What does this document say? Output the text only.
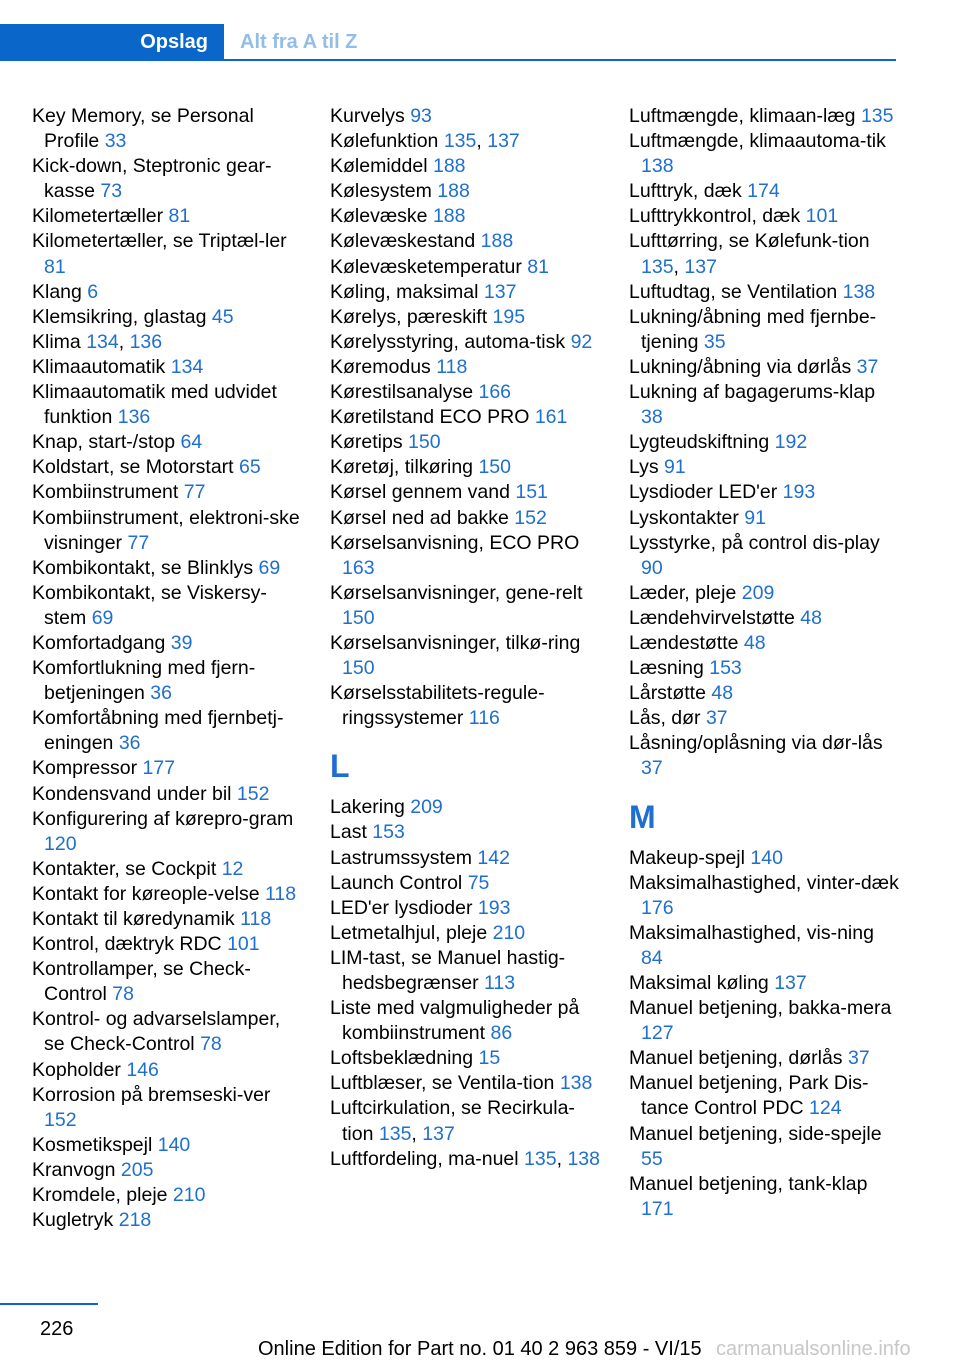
Opslag Alt fra A til Z
Key Memory, se Personal Profile 33
Kick-down, Steptronic gear-kasse 73
Kilometertæller 81
Kilometertæller, se Triptæl-ler 81
Klang 6
Klemsikring, glastag 45
Klima 134, 136
Klimaautomatik 134
Klimaautomatik med udvidet funktion 136
Knap, start-/stop 64
Koldstart, se Motorstart 65
Kombiinstrument 77
Kombiinstrument, elektroni-ske visninger 77
Kombikontakt, se Blinklys 69
Kombikontakt, se Viskersy-stem 69
Komfortadgang 39
Komfortlukning med fjern-betjeningen 36
Komfortåbning med fjernbetj-eningen 36
Kompressor 177
Kondensvand under bil 152
Konfigurering af kørepro-gram 120
Kontakter, se Cockpit 12
Kontakt for køreople-velse 118
Kontakt til køredynamik 118
Kontrol, dæktryk RDC 101
Kontrollamper, se Check-Control 78
Kontrol- og advarselslamper, se Check-Control 78
Kopholder 146
Korrosion på bremseski-ver 152
Kosmetikspejl 140
Kranvogn 205
Kromdele, pleje 210
Kugletryk 218
Kurvelys 93
Kølefunktion 135, 137
Kølemiddel 188
Kølesystem 188
Kølevæske 188
Kølevæskestand 188
Kølevæsketemperatur 81
Køling, maksimal 137
Kørelys, pæreskift 195
Kørelysstyring, automa-tisk 92
Køremodus 118
Kørestilsanalyse 166
Køretilstand ECO PRO 161
Køretips 150
Køretøj, tilkøring 150
Kørsel gennem vand 151
Kørsel ned ad bakke 152
Kørselsanvisning, ECO PRO 163
Kørselsanvisninger, gene-relt 150
Kørselsanvisninger, tilkø-ring 150
Kørselsstabilitets-regule-ringssystemer 116
L
Lakering 209
Last 153
Lastrumssystem 142
Launch Control 75
LED'er lysdioder 193
Letmetalhjul, pleje 210
LIM-tast, se Manuel hastig-hedsbegrænser 113
Liste med valgmuligheder på kombiinstrument 86
Loftsbeklædning 15
Luftblæser, se Ventila-tion 138
Luftcirkulation, se Recirkula-tion 135, 137
Luftfordeling, ma-nuel 135, 138
Luftmængde, klimaan-læg 135
Luftmængde, klimaautoma-tik 138
Lufttryk, dæk 174
Lufttrykkontrol, dæk 101
Lufttørring, se Kølefunk-tion 135, 137
Luftudtag, se Ventilation 138
Lukning/åbning med fjernbe-tjening 35
Lukning/åbning via dørlås 37
Lukning af bagagerums-klap 38
Lygteudskiftning 192
Lys 91
Lysdioder LED'er 193
Lyskontakter 91
Lysstyrke, på control dis-play 90
Læder, pleje 209
Lændehvirvelstøtte 48
Lændestøtte 48
Læsning 153
Lårstøtte 48
Lås, dør 37
Låsning/oplåsning via dør-lås 37
M
Makeup-spejl 140
Maksimalhastighed, vinter-dæk 176
Maksimalhastighed, vis-ning 84
Maksimal køling 137
Manuel betjening, bakka-mera 127
Manuel betjening, dørlås 37
Manuel betjening, Park Dis-tance Control PDC 124
Manuel betjening, side-spejle 55
Manuel betjening, tank-klap 171
226
Online Edition for Part no. 01 40 2 963 859 - VI/15 carmanualsonline.info
